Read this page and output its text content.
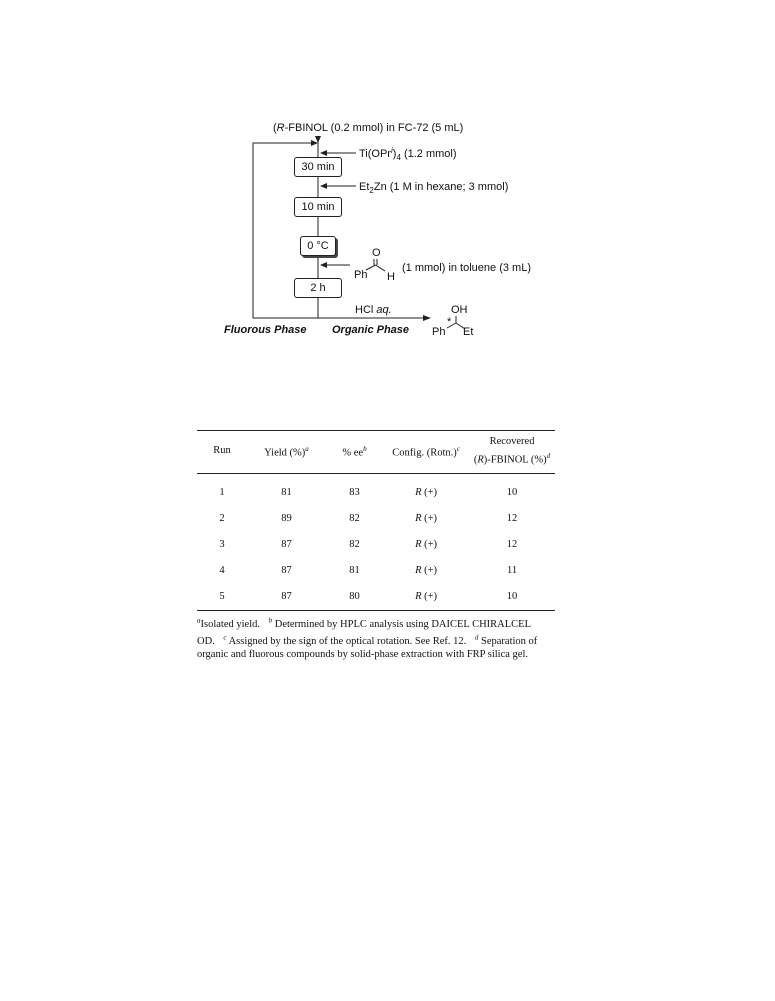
(R-FBINOL (0.2 mmol) in FC-72 (5 mL)
$Ti(OPr^i)_4$ (1.2 mmol)
$Et_2Zn$ (1 M in hexane; 3 mmol)
O
Ph H
(1 mmol) in toluene (3 mL)
HCl aq.	OH
*
Ph Et
Fluorous Phase Organic Phase
30 min
10 min
0 °C
2 h
Run	Yield (%)$^a$	% $ee^b$	Config. (Rotn.)$^c$	Recovered
(R)-FBINOL (%)$^d$
1	81	83	R (+)	10
2	89	82	R (+)	12
3	87	82	R (+)	12
4	87	81	R (+)	11
5	87	80	R (+)	10
$^a$Isolated yield. $^b$ Determined by HPLC analysis using DAICEL CHIRALCEL OD. $^c$ Assigned by the sign of the optical rotation. See Ref. 12. $^d$ Separation of organic and fluorous compounds by solid-phase extraction with FRP silica gel.
